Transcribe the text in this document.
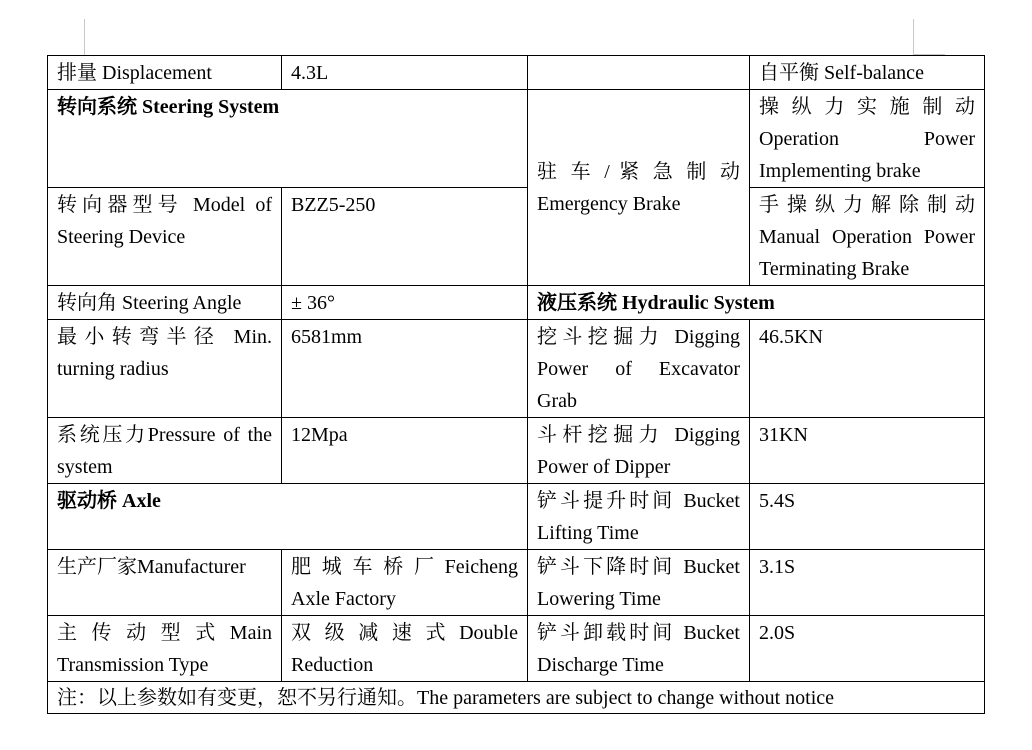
排量 Displacement	4.3L		自平衡 Self-balance
转向系统 Steering System		驻 车 / 紧 急 制 动 Emergency Brake	操 纵 力 实 施 制 动 Operation Power Implementing brake
转向器型号 Model of Steering Device	BZZ5-250		手 操 纵 力 解 除 制 动 Manual Operation Power Terminating Brake
转向角 Steering Angle	± 36°	液压系统 Hydraulic System	
最小转弯半径 Min. turning radius	6581mm	挖斗挖掘力 Digging Power of Excavator Grab	46.5KN
系统压力Pressure of the system	12Mpa	斗杆挖掘力 Digging Power of Dipper	31KN
驱动桥 Axle		铲斗提升时间 Bucket Lifting Time	5.4S
生产厂家Manufacturer	肥 城 车 桥 厂 Feicheng Axle Factory	铲斗下降时间 Bucket Lowering Time	3.1S
主 传 动 型 式 Main Transmission Type	双 级 减 速 式 Double Reduction	铲斗卸载时间 Bucket Discharge Time	2.0S
注：以上参数如有变更，恕不另行通知。The parameters are subject to change without notice			
